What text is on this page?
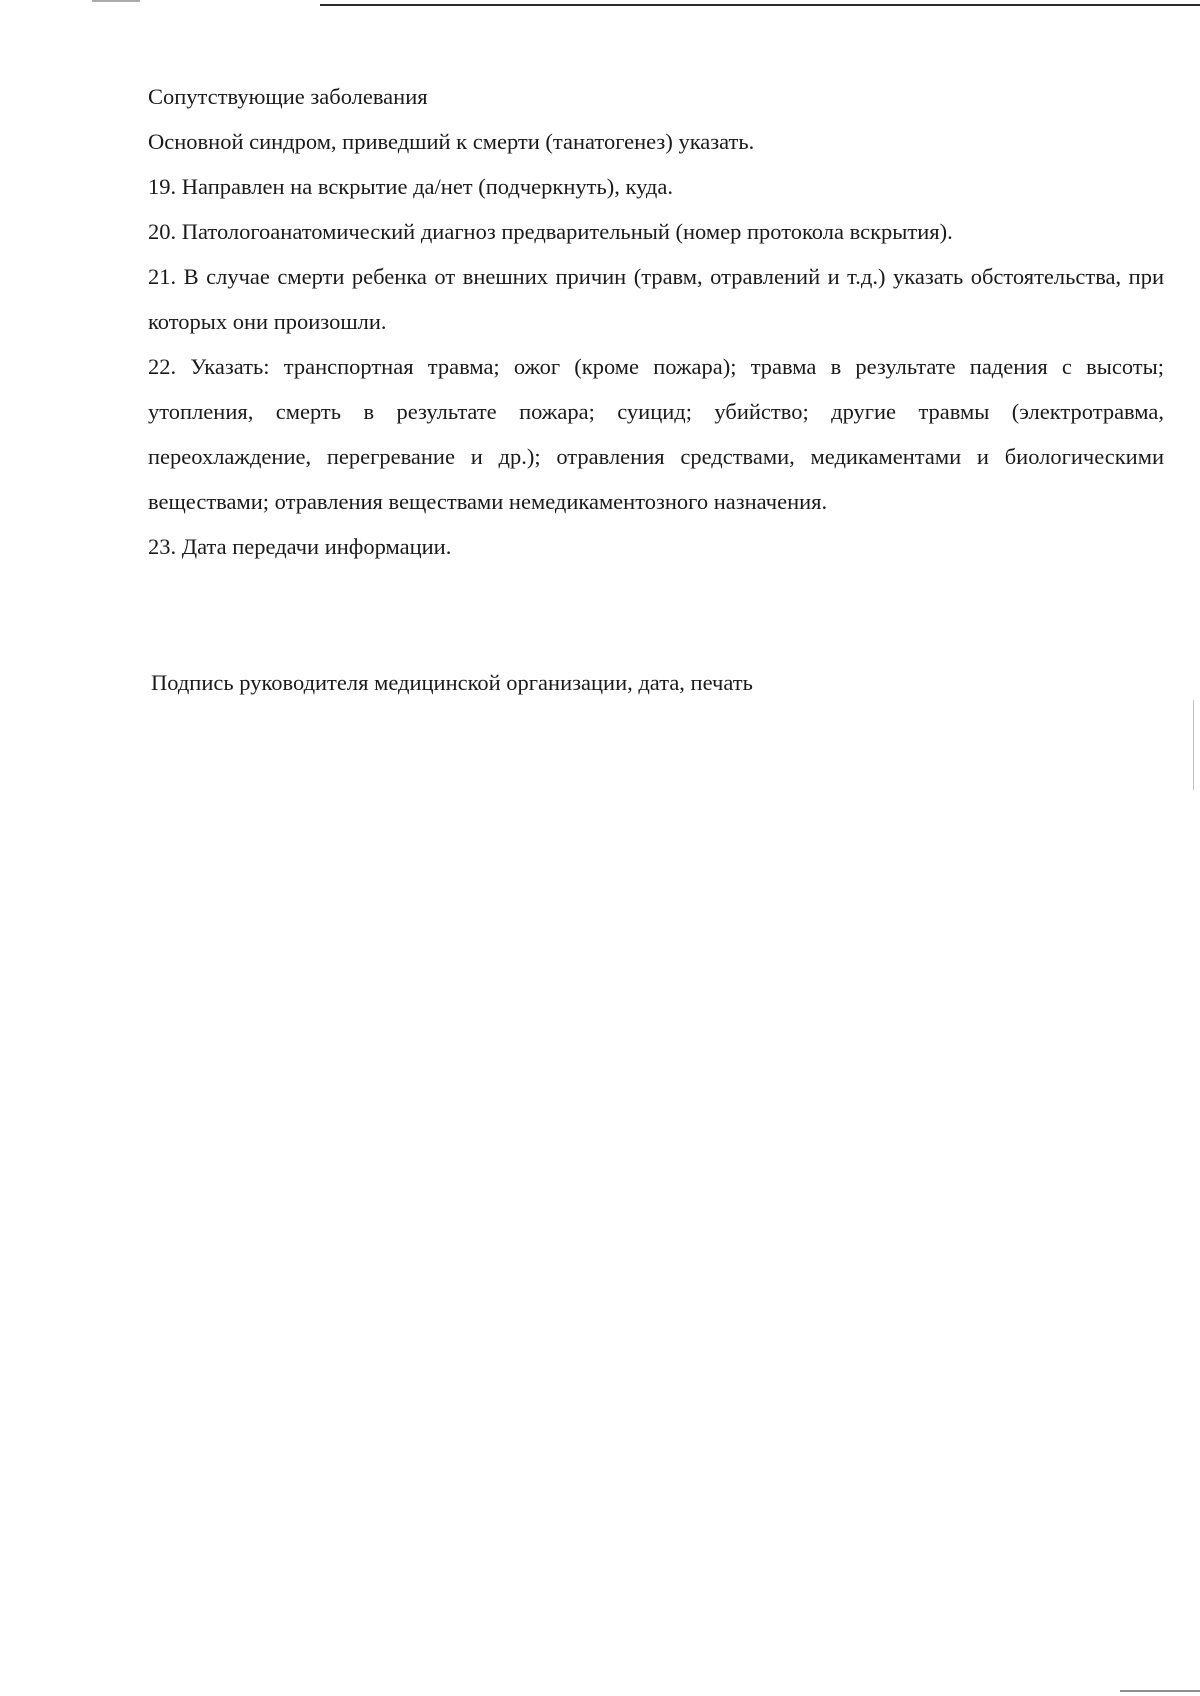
Сопутствующие заболевания
Основной синдром, приведший к смерти (танатогенез) указать.
19. Направлен на вскрытие да/нет (подчеркнуть), куда.
20. Патологоанатомический диагноз предварительный (номер протокола вскрытия).
21. В случае смерти ребенка от внешних причин (травм, отравлений и т.д.) указать обстоятельства, при которых они произошли.
22. Указать: транспортная травма; ожог (кроме пожара); травма в результате падения с высоты; утопления, смерть в результате пожара; суицид; убийство; другие травмы (электротравма, переохлаждение, перегревание и др.); отравления средствами, медикаментами и биологическими веществами; отравления веществами немедикаментозного назначения.
23. Дата передачи информации.
Подпись руководителя медицинской организации, дата, печать
